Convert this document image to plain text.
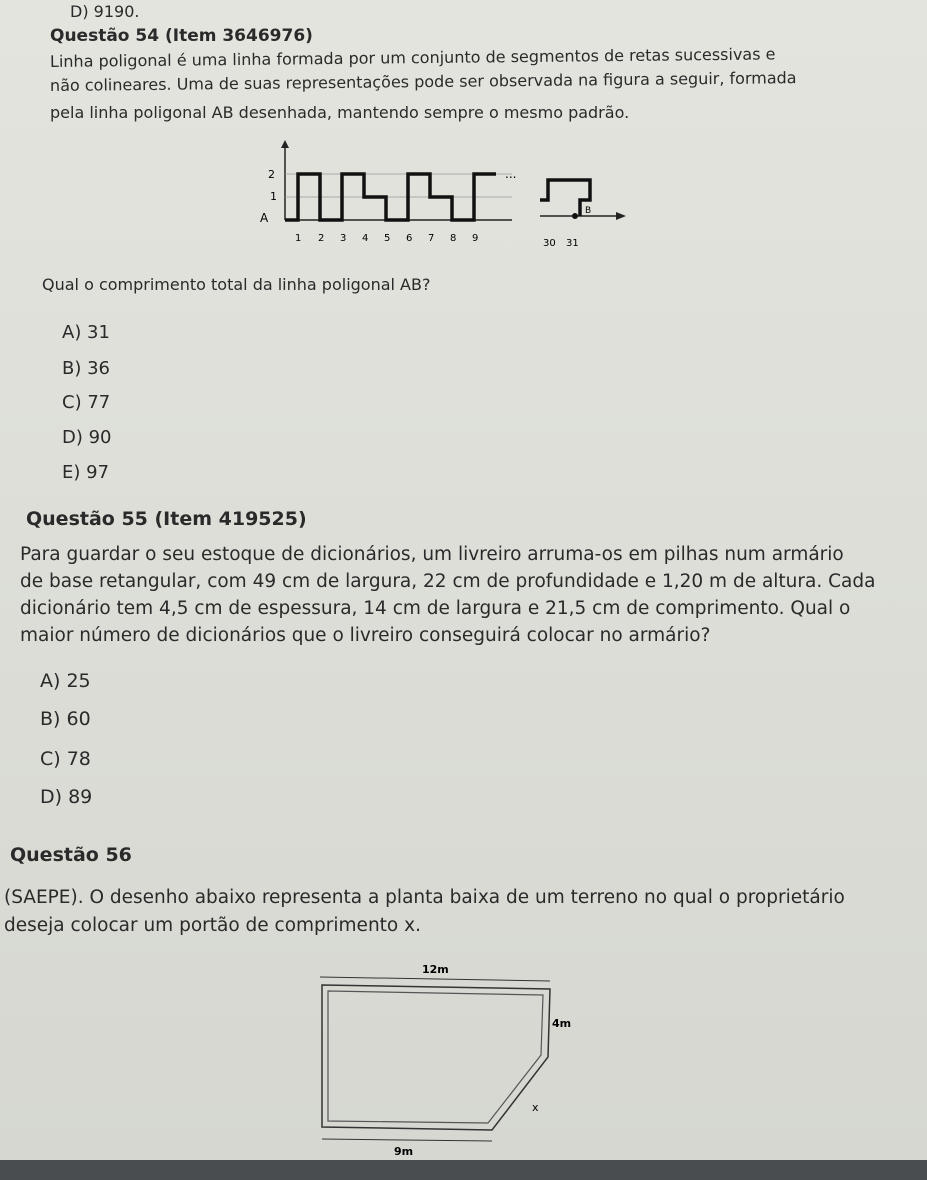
D) 9190.
Questão 54 (Item 3646976)
Linha poligonal é uma linha formada por um conjunto de segmentos de retas sucessivas e
não colineares. Uma de suas representações pode ser observada na figura a seguir, formada
pela linha poligonal AB desenhada, mantendo sempre o mesmo padrão.
2
1
A
...
B
1 2 3 4 5 6 7 8 9	30 31
Qual o comprimento total da linha poligonal AB?
A) 31
B) 36
C) 77
D) 90
E) 97
Questão 55 (Item 419525)
Para guardar o seu estoque de dicionários, um livreiro arruma-os em pilhas num armário
de base retangular, com 49 cm de largura, 22 cm de profundidade e 1,20 m de altura. Cada
dicionário tem 4,5 cm de espessura, 14 cm de largura e 21,5 cm de comprimento. Qual o
maior número de dicionários que o livreiro conseguirá colocar no armário?
A) 25
B) 60
C) 78
D) 89
Questão 56
(SAEPE). O desenho abaixo representa a planta baixa de um terreno no qual o proprietário
deseja colocar um portão de comprimento x.
12m
4m
x
9m
